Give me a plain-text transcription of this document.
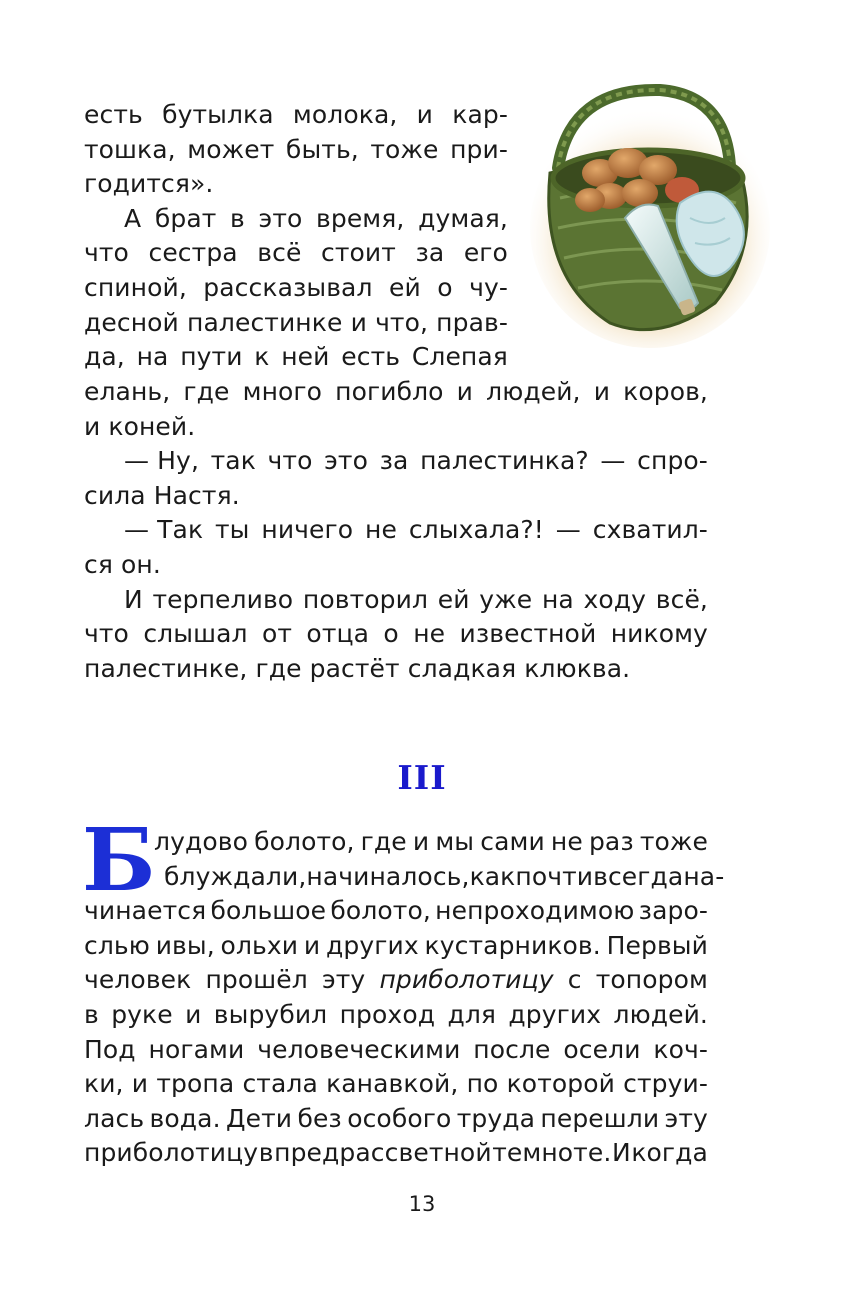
есть бутылка молока, и кар-
тошка, может быть, тоже при-
годится».
А брат в это время, думая,
что сестра всё стоит за его
спиной, рассказывал ей о чу-
десной палестинке и что, прав-
да, на пути к ней есть Слепая
елань, где много погибло и людей, и коров,
и коней.
— Ну, так что это за палестинка? — спро-
сила Настя.
— Так ты ничего не слыхала?! — схватил-
ся он.
И терпеливо повторил ей уже на ходу всё,
что слышал от отца о не известной никому
палестинке, где растёт сладкая клюква.
III
Б
лудово болото, где и мы сами не раз тоже
блуждали, начиналось, как почти всегда на-
чинается большое болото, непроходимою заро-
слью ивы, ольхи и других кустарников. Первый
человек прошёл эту приболотицу с топором
в руке и вырубил проход для других людей.
Под ногами человеческими после осели коч-
ки, и тропа стала канавкой, по которой струи-
лась вода. Дети без особого труда перешли эту
приболотицу в предрассветной темноте. И когда
13
